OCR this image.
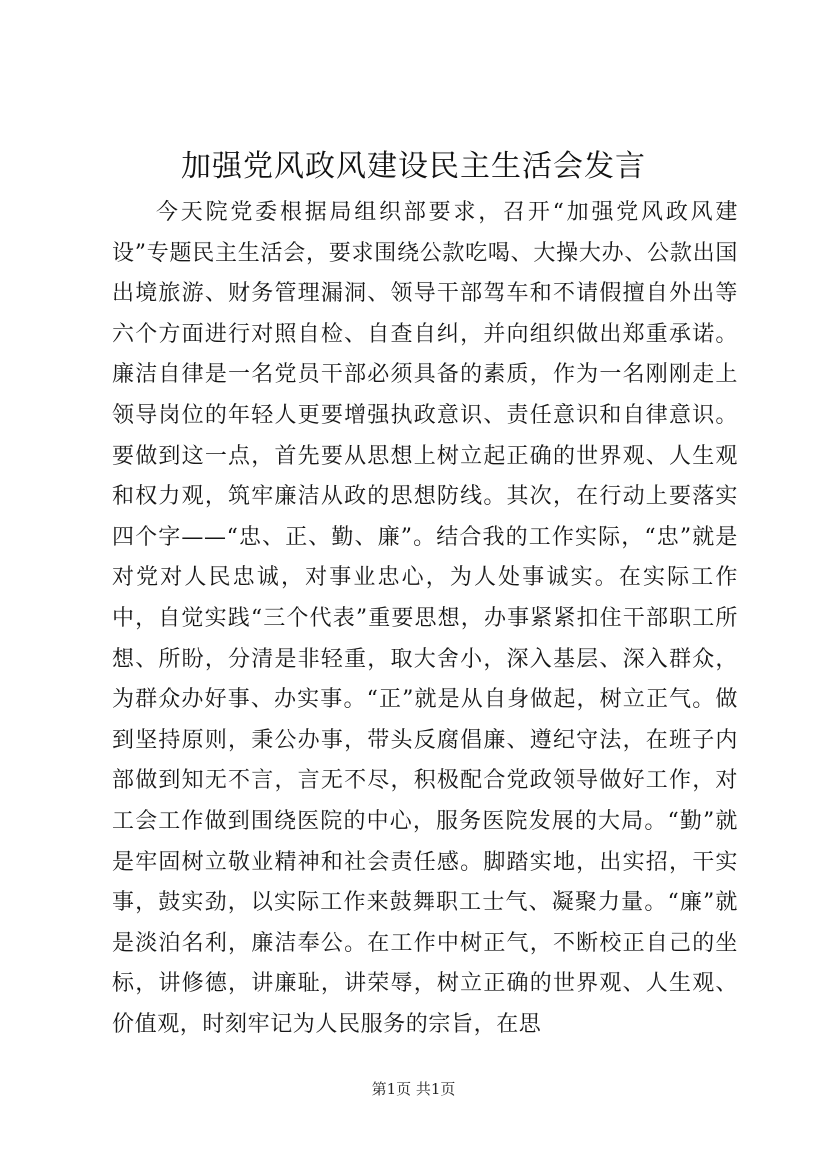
加强党风政风建设民主生活会发言

今天院党委根据局组织部要求，召开“加强党风政风建设”专题民主生活会，要求围绕公款吃喝、大操大办、公款出国出境旅游、财务管理漏洞、领导干部驾车和不请假擅自外出等六个方面进行对照自检、自查自纠，并向组织做出郑重承诺。廉洁自律是一名党员干部必须具备的素质，作为一名刚刚走上领导岗位的年轻人更要增强执政意识、责任意识和自律意识。要做到这一点，首先要从思想上树立起正确的世界观、人生观和权力观，筑牢廉洁从政的思想防线。其次，在行动上要落实四个字——“忠、正、勤、廉”。结合我的工作实际，“忠”就是对党对人民忠诚，对事业忠心，为人处事诚实。在实际工作中，自觉实践“三个代表”重要思想，办事紧紧扣住干部职工所想、所盼，分清是非轻重，取大舍小，深入基层、深入群众，为群众办好事、办实事。“正”就是从自身做起，树立正气。做到坚持原则，秉公办事，带头反腐倡廉、遵纪守法，在班子内部做到知无不言，言无不尽，积极配合党政领导做好工作，对工会工作做到围绕医院的中心，服务医院发展的大局。“勤”就是牢固树立敬业精神和社会责任感。脚踏实地，出实招，干实事，鼓实劲，以实际工作来鼓舞职工士气、凝聚力量。“廉”就是淡泊名利，廉洁奉公。在工作中树正气，不断校正自己的坐标，讲修德，讲廉耻，讲荣辱，树立正确的世界观、人生观、价值观，时刻牢记为人民服务的宗旨，在思

第1页 共1页
